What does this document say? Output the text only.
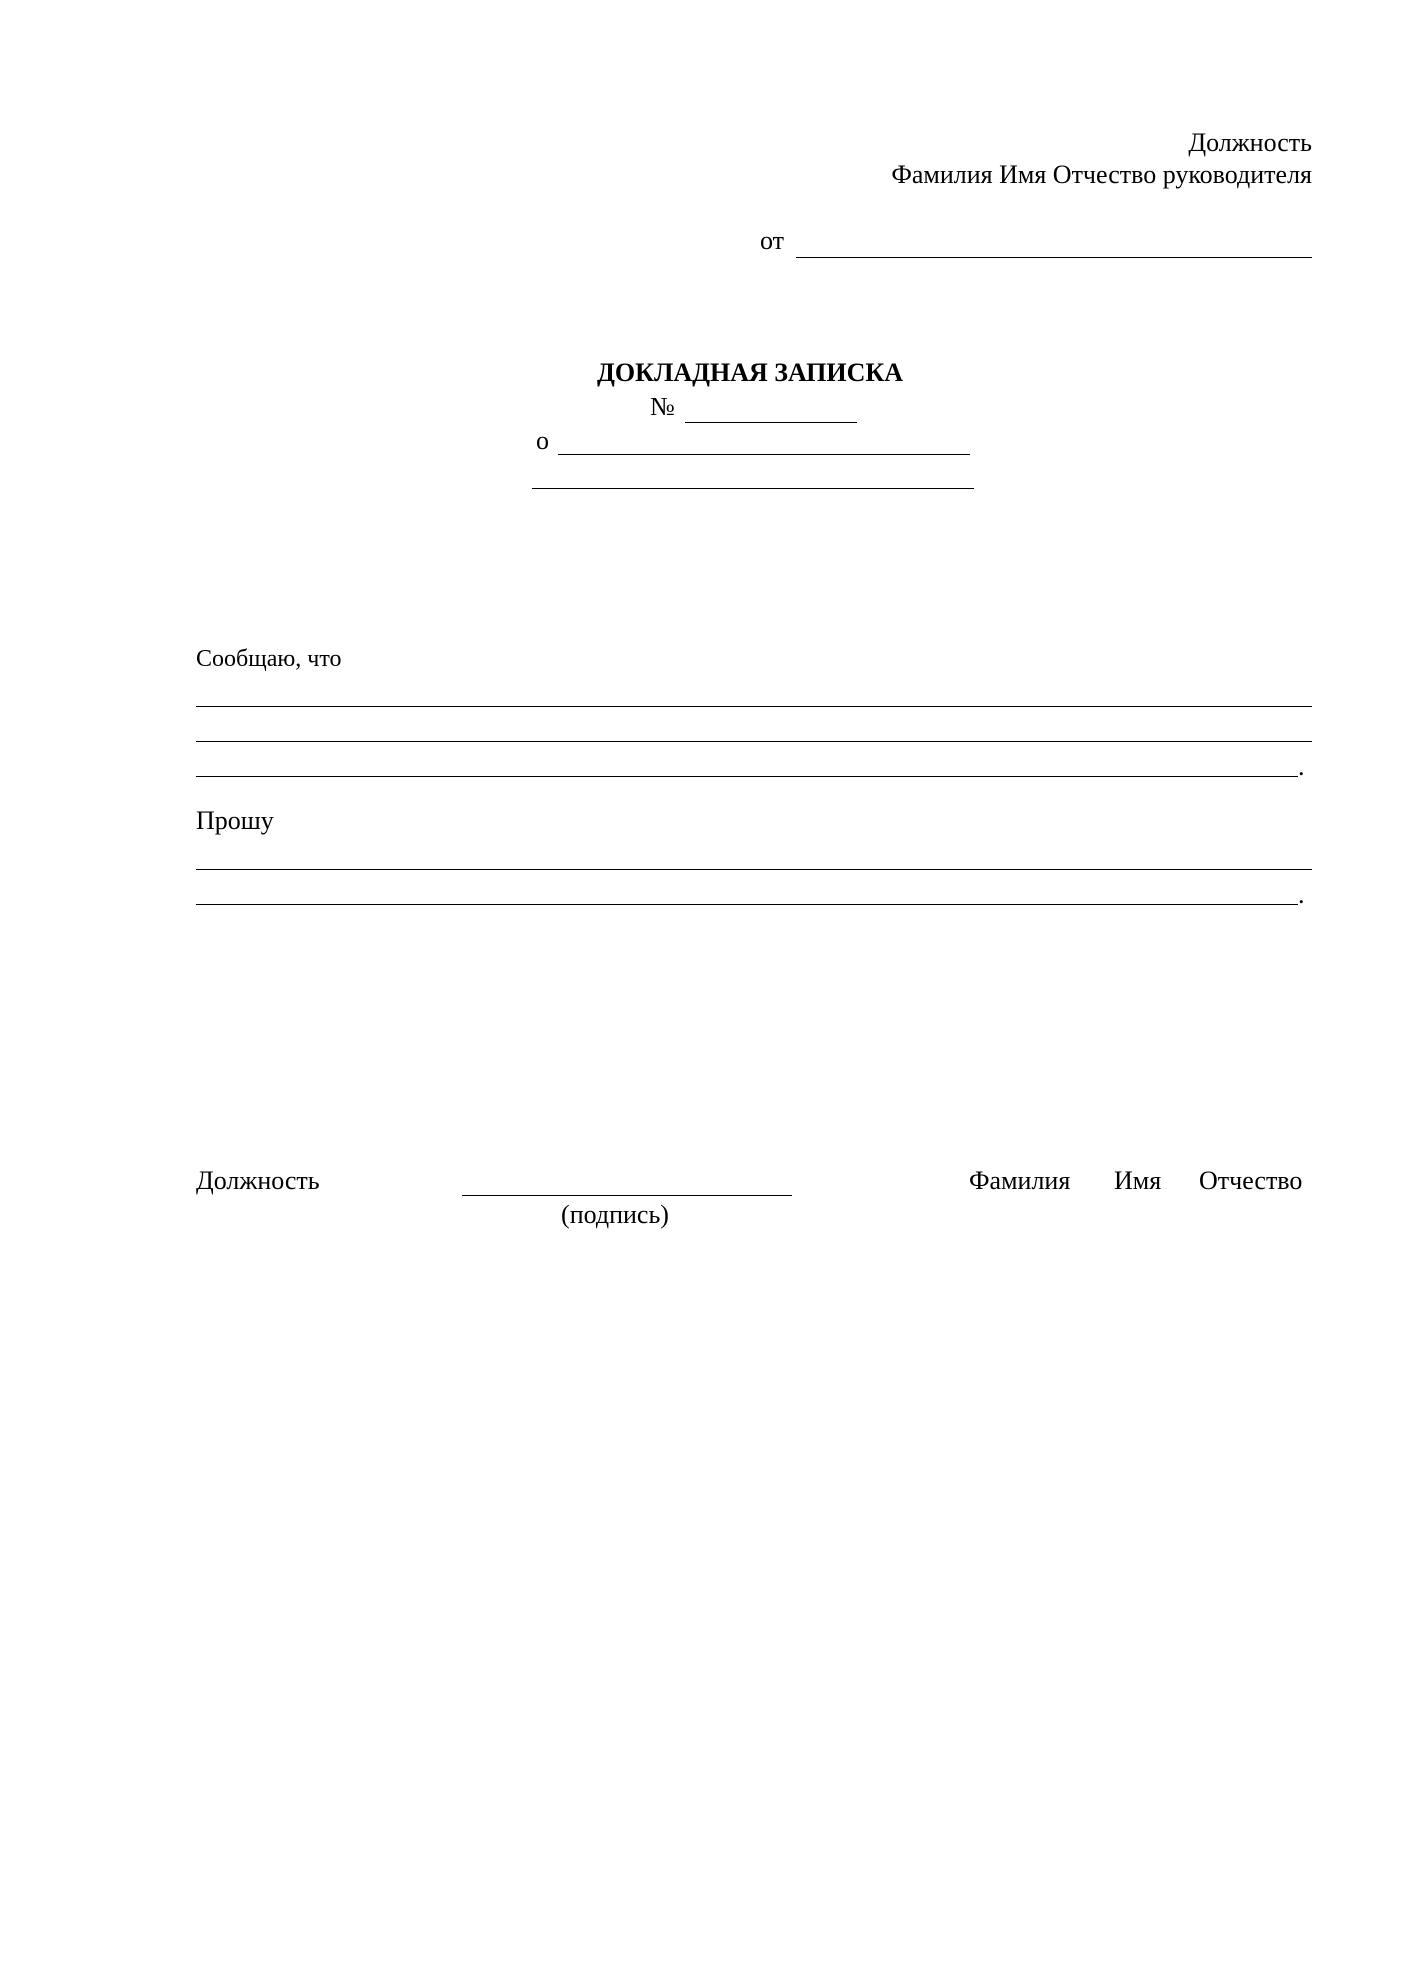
Должность
Фамилия Имя Отчество руководителя
от
ДОКЛАДНАЯ ЗАПИСКА
№
о
Сообщаю, что
.
Прошу
.
Должность
(подпись)
Фамилия Имя Отчество
